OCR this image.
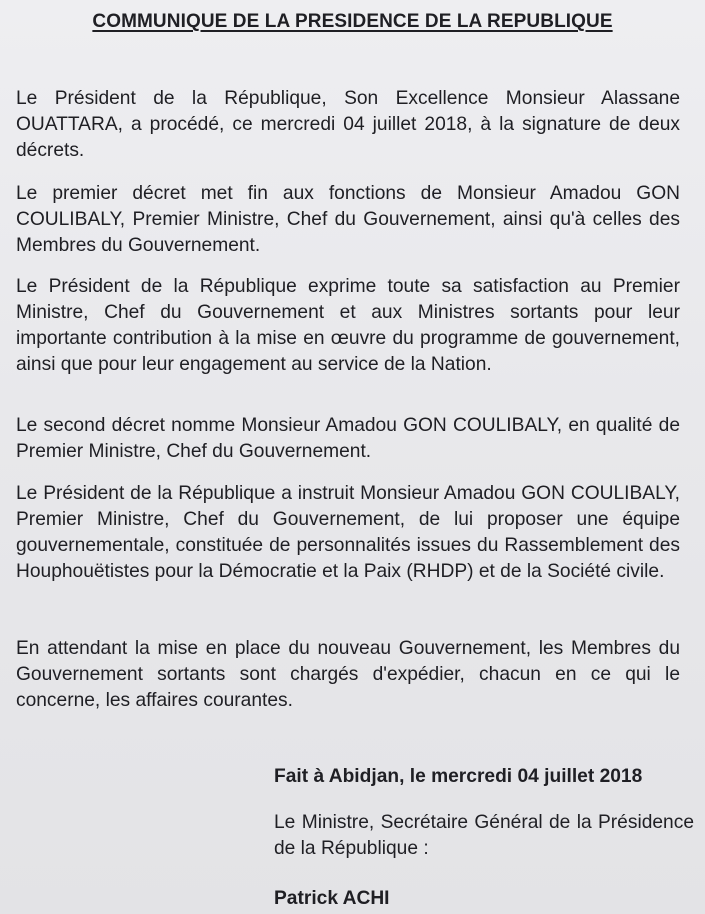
COMMUNIQUE DE LA PRESIDENCE DE LA REPUBLIQUE
Le Président de la République, Son Excellence Monsieur Alassane OUATTARA, a procédé, ce mercredi 04 juillet 2018, à la signature de deux décrets.
Le premier décret met fin aux fonctions de Monsieur Amadou GON COULIBALY, Premier Ministre, Chef du Gouvernement, ainsi qu'à celles des Membres du Gouvernement.
Le Président de la République exprime toute sa satisfaction au Premier Ministre, Chef du Gouvernement et aux Ministres sortants pour leur importante contribution à la mise en œuvre du programme de gouvernement, ainsi que pour leur engagement au service de la Nation.
Le second décret nomme Monsieur Amadou GON COULIBALY, en qualité de Premier Ministre, Chef du Gouvernement.
Le Président de la République a instruit Monsieur Amadou GON COULIBALY, Premier Ministre, Chef du Gouvernement, de lui proposer une équipe gouvernementale, constituée de personnalités issues du Rassemblement des Houphouëtistes pour la Démocratie et la Paix (RHDP) et de la Société civile.
En attendant la mise en place du nouveau Gouvernement, les Membres du Gouvernement sortants sont chargés d'expédier, chacun en ce qui le concerne, les affaires courantes.
Fait à Abidjan, le mercredi 04 juillet 2018
Le Ministre, Secrétaire Général de la Présidence de la République :
Patrick ACHI
